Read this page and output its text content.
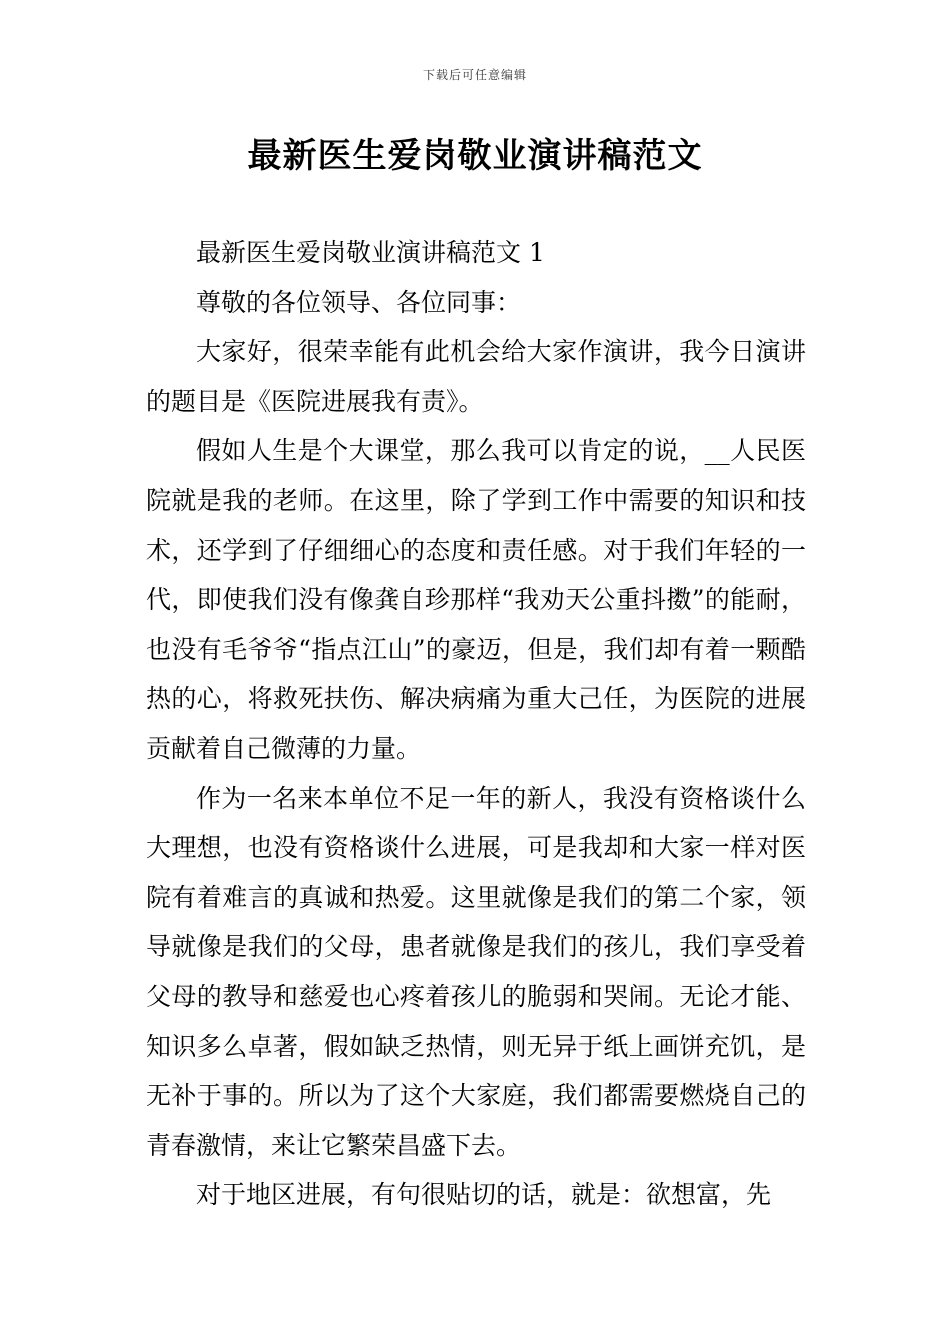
下载后可任意编辑
最新医生爱岗敬业演讲稿范文

最新医生爱岗敬业演讲稿范文 1

尊敬的各位领导、各位同事：

大家好，很荣幸能有此机会给大家作演讲，我今日演讲的题目是《医院进展我有责》。

假如人生是个大课堂，那么我可以肯定的说，__人民医院就是我的老师。在这里，除了学到工作中需要的知识和技术，还学到了仔细细心的态度和责任感。对于我们年轻的一代，即使我们没有像龚自珍那样“我劝天公重抖擞”的能耐，也没有毛爷爷“指点江山”的豪迈，但是，我们却有着一颗酷热的心，将救死扶伤、解决病痛为重大己任，为医院的进展贡献着自己微薄的力量。

作为一名来本单位不足一年的新人，我没有资格谈什么大理想，也没有资格谈什么进展，可是我却和大家一样对医院有着难言的真诚和热爱。这里就像是我们的第二个家，领导就像是我们的父母，患者就像是我们的孩儿，我们享受着父母的教导和慈爱也心疼着孩儿的脆弱和哭闹。无论才能、知识多么卓著，假如缺乏热情，则无异于纸上画饼充饥，是无补于事的。所以为了这个大家庭，我们都需要燃烧自己的青春激情，来让它繁荣昌盛下去。

对于地区进展，有句很贴切的话，就是：欲想富，先
